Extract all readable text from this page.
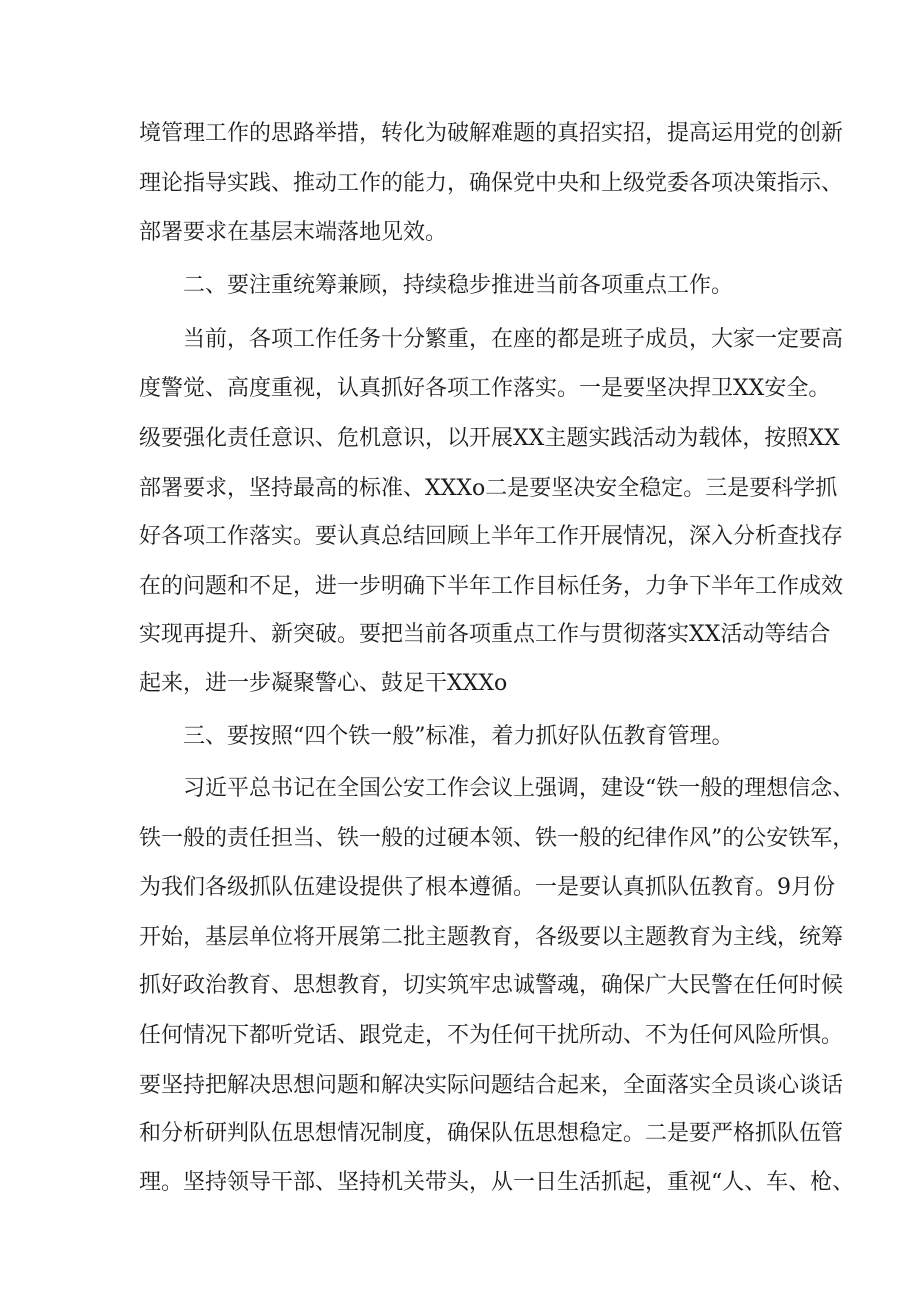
境管理工作的思路举措，转化为破解难题的真招实招，提高运用党的创新
理论指导实践、推动工作的能力，确保党中央和上级党委各项决策指示、
部署要求在基层末端落地见效。
二、要注重统筹兼顾，持续稳步推进当前各项重点工作。
当前，各项工作任务十分繁重，在座的都是班子成员，大家一定要高
度警觉、高度重视，认真抓好各项工作落实。一是要坚决捍卫XX安全。
级要强化责任意识、危机意识，以开展XX主题实践活动为载体，按照XX
部署要求，坚持最高的标准、XXXo二是要坚决安全稳定。三是要科学抓
好各项工作落实。要认真总结回顾上半年工作开展情况，深入分析查找存
在的问题和不足，进一步明确下半年工作目标任务，力争下半年工作成效
实现再提升、新突破。要把当前各项重点工作与贯彻落实XX活动等结合
起来，进一步凝聚警心、鼓足干XXXo
三、要按照“四个铁一般”标准，着力抓好队伍教育管理。
习近平总书记在全国公安工作会议上强调，建设“铁一般的理想信念、
铁一般的责任担当、铁一般的过硬本领、铁一般的纪律作风”的公安铁军，
为我们各级抓队伍建设提供了根本遵循。一是要认真抓队伍教育。9月份
开始，基层单位将开展第二批主题教育，各级要以主题教育为主线，统筹
抓好政治教育、思想教育，切实筑牢忠诚警魂，确保广大民警在任何时候
任何情况下都听党话、跟党走，不为任何干扰所动、不为任何风险所惧。
要坚持把解决思想问题和解决实际问题结合起来，全面落实全员谈心谈话
和分析研判队伍思想情况制度，确保队伍思想稳定。二是要严格抓队伍管
理。坚持领导干部、坚持机关带头，从一日生活抓起，重视“人、车、枪、
